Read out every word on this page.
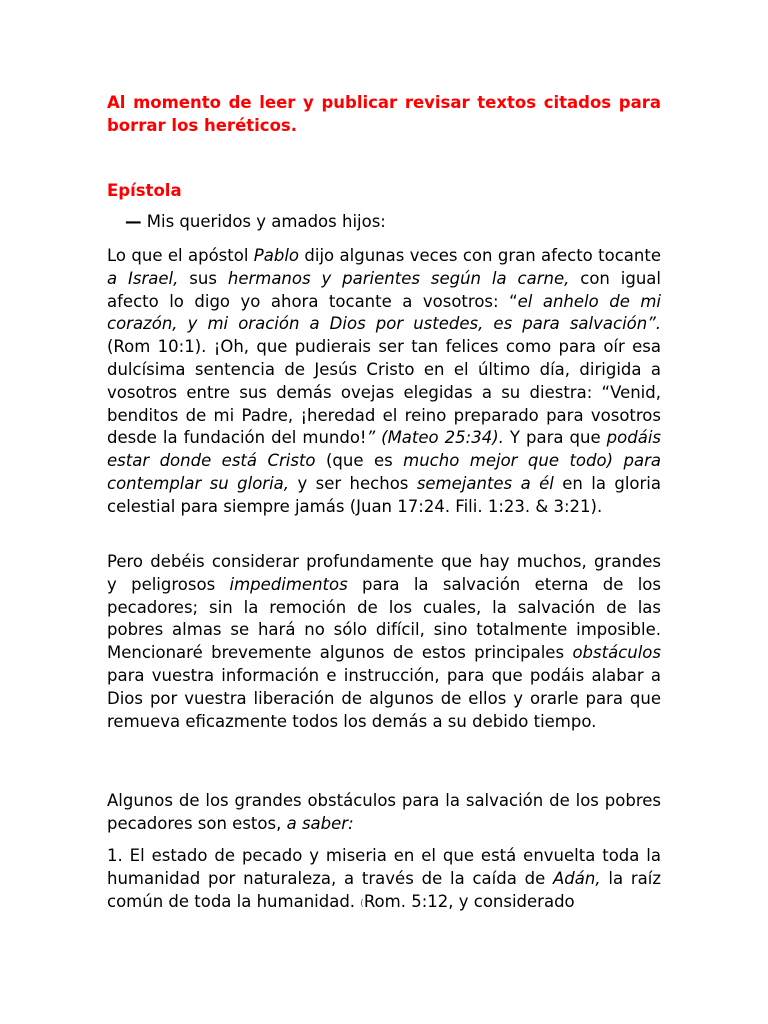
Al momento de leer y publicar revisar textos citados para borrar los heréticos.

Epístola

— Mis queridos y amados hijos:

Lo que el apóstol Pablo dijo algunas veces con gran afecto tocante a Israel, sus hermanos y parientes según la carne, con igual afecto lo digo yo ahora tocante a vosotros: “el anhelo de mi corazón, y mi oración a Dios por ustedes, es para salvación”. (Rom 10:1). ¡Oh, que pudierais ser tan felices como para oír esa dulcísima sentencia de Jesús Cristo en el último día, dirigida a vosotros entre sus demás ovejas elegidas a su diestra: “Venid, benditos de mi Padre, ¡heredad el reino preparado para vosotros desde la fundación del mundo!” (Mateo 25:34). Y para que podáis estar donde está Cristo (que es mucho mejor que todo) para contemplar su gloria, y ser hechos semejantes a él en la gloria celestial para siempre jamás (Juan 17:24. Fili. 1:23. & 3:21).

Pero debéis considerar profundamente que hay muchos, grandes y peligrosos impedimentos para la salvación eterna de los pecadores; sin la remoción de los cuales, la salvación de las pobres almas se hará no sólo difícil, sino totalmente imposible. Mencionaré brevemente algunos de estos principales obstáculos para vuestra información e instrucción, para que podáis alabar a Dios por vuestra liberación de algunos de ellos y orarle para que remueva eficazmente todos los demás a su debido tiempo.

Algunos de los grandes obstáculos para la salvación de los pobres pecadores son estos, a saber:

1. El estado de pecado y miseria en el que está envuelta toda la humanidad por naturaleza, a través de la caída de Adán, la raíz común de toda la humanidad. (Rom. 5:12, y considerado
